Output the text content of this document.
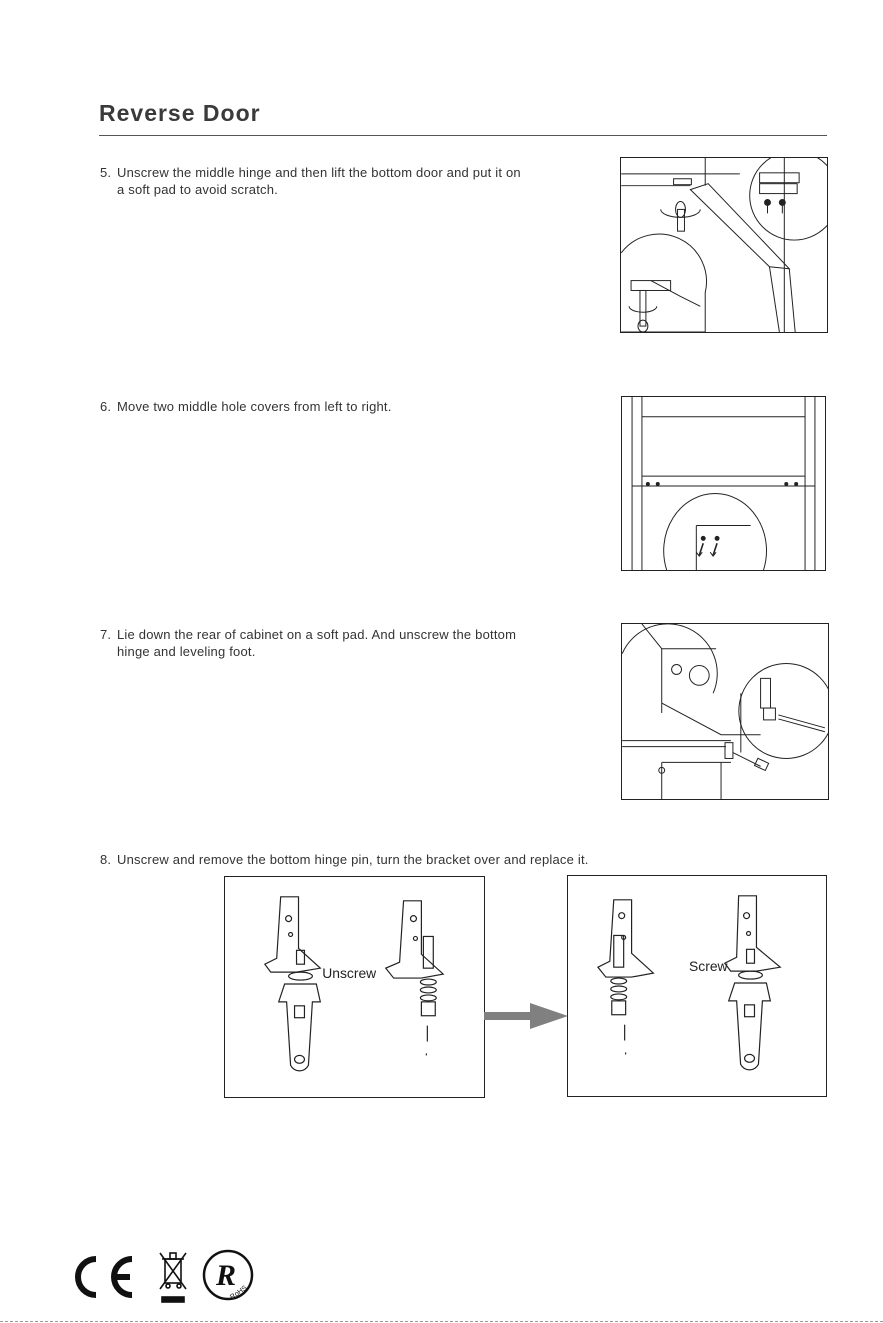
Reverse Door
5. Unscrew the middle hinge and then lift the bottom door and put it on
a soft pad to avoid scratch.
6. Move two middle hole covers from left to right.
7. Lie down the rear of cabinet on a soft pad. And unscrew the bottom
hinge and leveling foot.
8. Unscrew and remove the bottom hinge pin, turn the bracket over and replace it.
Unscrew	Screw
R
RoHS
